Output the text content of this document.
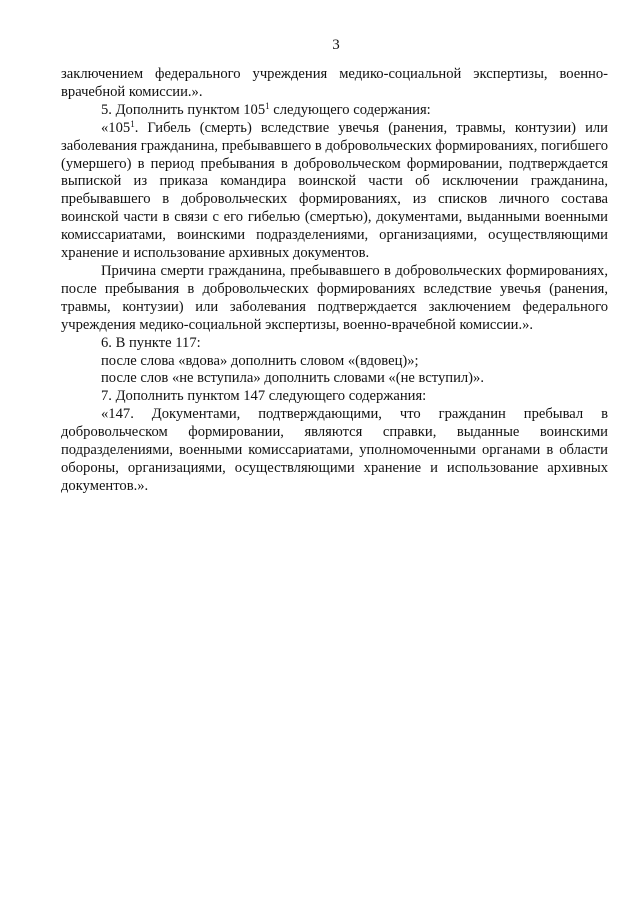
3

заключением федерального учреждения медико-социальной экспертизы, военно-врачебной комиссии.».

5. Дополнить пунктом $105^1$ следующего содержания:

«$105^1$. Гибель (смерть) вследствие увечья (ранения, травмы, контузии) или заболевания гражданина, пребывавшего в добровольческих формированиях, погибшего (умершего) в период пребывания в добровольческом формировании, подтверждается выпиской из приказа командира воинской части об исключении гражданина, пребывавшего в добровольческих формированиях, из списков личного состава воинской части в связи с его гибелью (смертью), документами, выданными военными комиссариатами, воинскими подразделениями, организациями, осуществляющими хранение и использование архивных документов.

Причина смерти гражданина, пребывавшего в добровольческих формированиях, после пребывания в добровольческих формированиях вследствие увечья (ранения, травмы, контузии) или заболевания подтверждается заключением федерального учреждения медико-социальной экспертизы, военно-врачебной комиссии.».

6. В пункте 117:

после слова «вдова» дополнить словом «(вдовец)»;

после слов «не вступила» дополнить словами «(не вступил)».

7. Дополнить пунктом 147 следующего содержания:

«147. Документами, подтверждающими, что гражданин пребывал в добровольческом формировании, являются справки, выданные воинскими подразделениями, военными комиссариатами, уполномоченными органами в области обороны, организациями, осуществляющими хранение и использование архивных документов.».
